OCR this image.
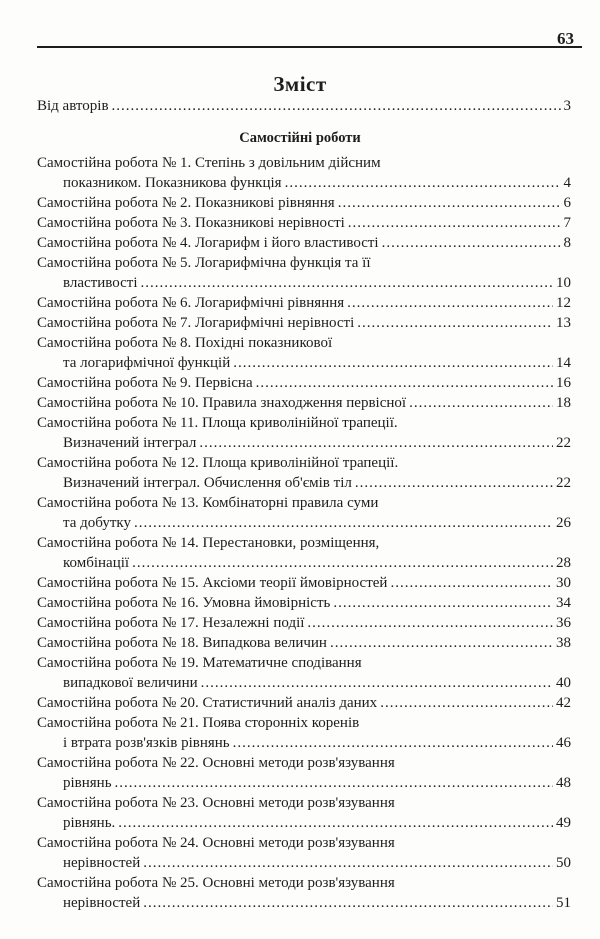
63
Зміст
Самостійні роботи
Від авторів .....	3
Самостійна робота № 1. Степінь з довільним дійсним
показником. Показникова функція .....	4
Самостійна робота № 2. Показникові рівняння .....	6
Самостійна робота № 3. Показникові нерівності .....	7
Самостійна робота № 4. Логарифм і його властивості .....	8
Самостійна робота № 5. Логарифмічна функція та її
властивості .....	10
Самостійна робота № 6. Логарифмічні рівняння .....	12
Самостійна робота № 7. Логарифмічні нерівності .....	13
Самостійна робота № 8. Похідні показникової
та логарифмічної функцій .....	14
Самостійна робота № 9. Первісна .....	16
Самостійна робота № 10. Правила знаходження первісної .....	18
Самостійна робота № 11. Площа криволінійної трапеції.
Визначений інтеграл .....	22
Самостійна робота № 12. Площа криволінійної трапеції.
Визначений інтеграл. Обчислення об'ємів тіл .....	22
Самостійна робота № 13. Комбінаторні правила суми
та добутку .....	26
Самостійна робота № 14. Перестановки, розміщення,
комбінації .....	28
Самостійна робота № 15. Аксіоми теорії ймовірностей .....	30
Самостійна робота № 16. Умовна ймовірність .....	34
Самостійна робота № 17. Незалежні події .....	36
Самостійна робота № 18. Випадкова величин .....	38
Самостійна робота № 19. Математичне сподівання
випадкової величини .....	40
Самостійна робота № 20. Статистичний аналіз даних .....	42
Самостійна робота № 21. Поява сторонніх коренів
і втрата розв'язків рівнянь .....	46
Самостійна робота № 22. Основні методи розв'язування
рівнянь .....	48
Самостійна робота № 23. Основні методи розв'язування
рівнянь. .....	49
Самостійна робота № 24. Основні методи розв'язування
нерівностей .....	50
Самостійна робота № 25. Основні методи розв'язування
нерівностей .....	51
